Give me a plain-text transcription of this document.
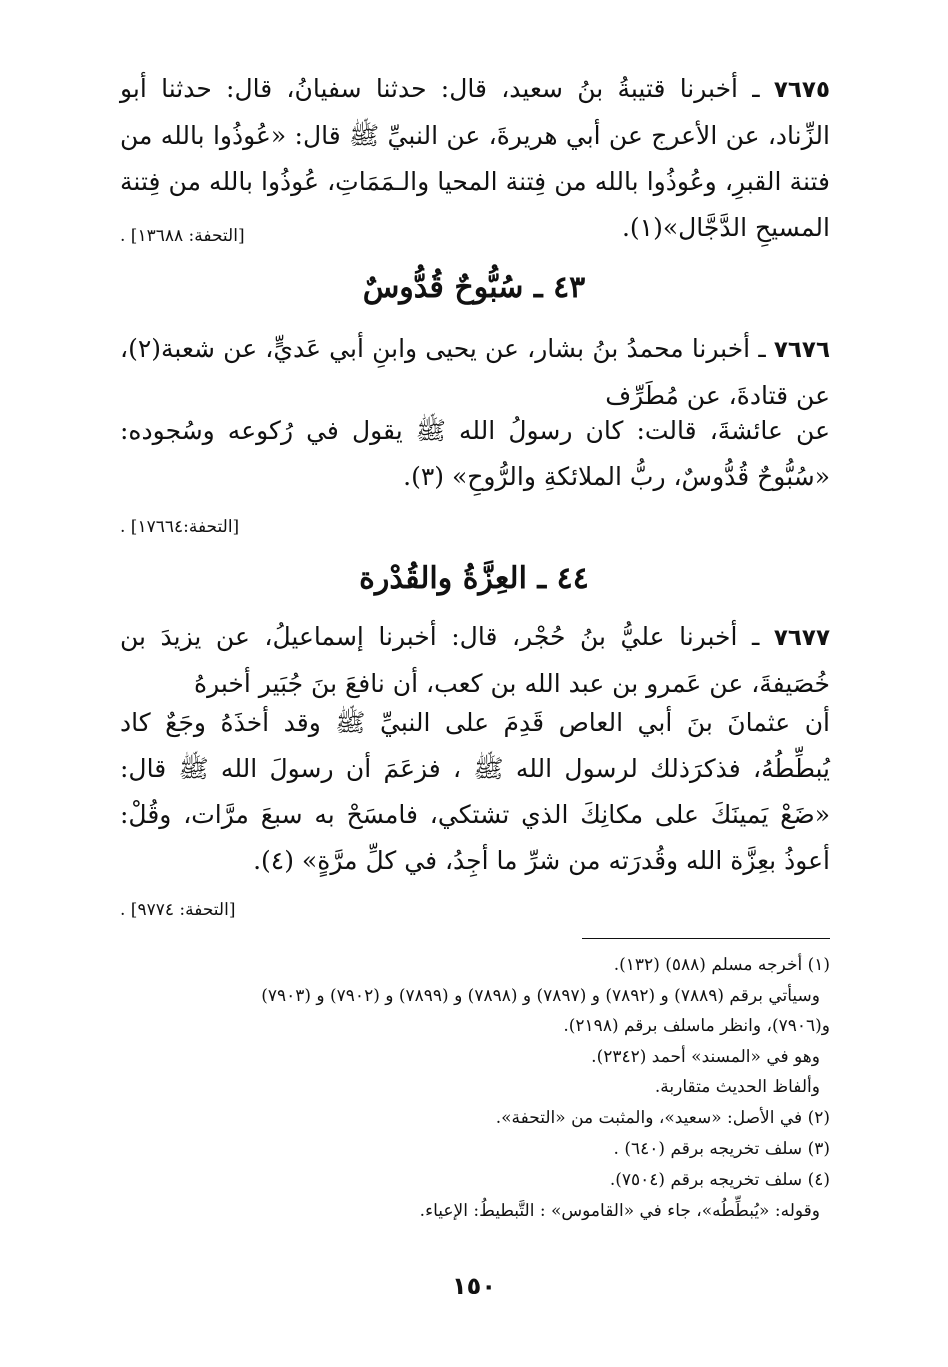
٧٦٧٥ ـ أخبرنا قتيبةُ بنُ سعيد، قال: حدثنا سفيانُ، قال: حدثنا أبو الزِّناد، عن الأعرج عن أبي هريرةَ، عن النبيِّ ﷺ قال: «عُوذُوا بالله من فتنة القبرِ، وعُوذُوا بالله من فِتنة المحيا والـمَمَاتِ، عُوذُوا بالله من فِتنة المسيحِ الدَّجَّال»(١).
[التحفة: ١٣٦٨٨] .
٤٣ ـ سُبُّوحٌ قُدُّوسٌ
٧٦٧٦ ـ أخبرنا محمدُ بنُ بشار، عن يحيى وابنِ أبي عَديٍّ، عن شعبة(٢)، عن قتادةَ، عن مُطَرِّف
عن عائشةَ، قالت: كان رسولُ الله ﷺ يقول في رُكوعه وسُجوده: «سُبُّوحٌ قُدُّوسٌ، ربُّ الملائكةِ والرُّوحِ» (٣).
[التحفة:١٧٦٦٤] .
٤٤ ـ العِزَّةُ والقُدْرة
٧٦٧٧ ـ أخبرنا عليُّ بنُ حُجْر، قال: أخبرنا إسماعيلُ، عن يزيدَ بن خُصَيفةَ، عن عَمرو بن عبد الله بن كعب، أن نافعَ بنَ جُبَير أخبرهُ
أن عثمانَ بنَ أبي العاص قَدِمَ على النبيِّ ﷺ وقد أخذَهُ وجَعٌ كاد يُبطِّطُهُ، فذكرَذلك لرسول الله ﷺ ، فزعَمَ أن رسولَ الله ﷺ قال: «ضَعْ يَمينَكَ على مكانِكَ الذي تشتكي، فامسَحْ به سبعَ مرَّات، وقُلْ: أعوذُ بعِزَّة الله وقُدرَته من شرِّ ما أجِدُ، في كلِّ مرَّةٍ» (٤).
[التحفة: ٩٧٧٤] .
(١) أخرجه مسلم (٥٨٨) (١٣٢).
وسيأتي برقم (٧٨٨٩) و (٧٨٩٢) و (٧٨٩٧) و (٧٨٩٨) و (٧٨٩٩) و (٧٩٠٢) و (٧٩٠٣)
و(٧٩٠٦)، وانظر ماسلف برقم (٢١٩٨).
وهو في «المسند» أحمد (٢٣٤٢).
وألفاظ الحديث متقاربة.
(٢) في الأصل: «سعيد»، والمثبت من «التحفة».
(٣) سلف تخريجه برقم (٦٤٠) .
(٤) سلف تخريجه برقم (٧٥٠٤).
وقوله: «يُبطِّطُه»، جاء في «القاموس» : التَّبطيطُ: الإعياء.
١٥٠
